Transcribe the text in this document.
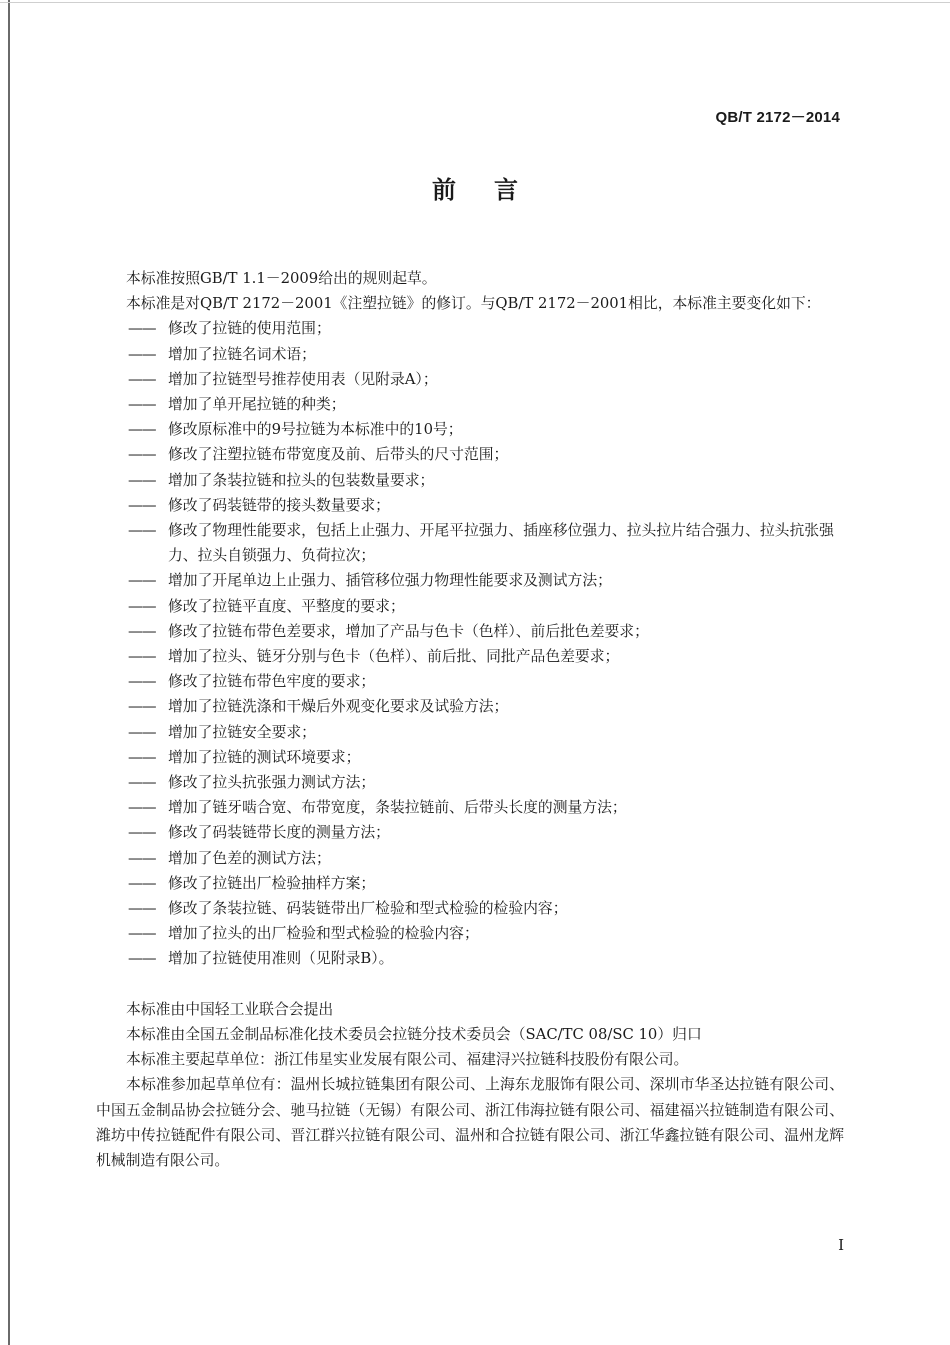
QB/T 2172－2014
前言

本标准按照GB/T 1.1－2009给出的规则起草。

本标准是对QB/T 2172－2001《注塑拉链》的修订。与QB/T 2172－2001相比，本标准主要变化如下：

—— 修改了拉链的使用范围；
—— 增加了拉链名词术语；
—— 增加了拉链型号推荐使用表（见附录A）；
—— 增加了单开尾拉链的种类；
—— 修改原标准中的9号拉链为本标准中的10号；
—— 修改了注塑拉链布带宽度及前、后带头的尺寸范围；
—— 增加了条装拉链和拉头的包装数量要求；
—— 修改了码装链带的接头数量要求；
—— 修改了物理性能要求，包括上止强力、开尾平拉强力、插座移位强力、拉头拉片结合强力、拉头抗张强力、拉头自锁强力、负荷拉次；
—— 增加了开尾单边上止强力、插管移位强力物理性能要求及测试方法；
—— 修改了拉链平直度、平整度的要求；
—— 修改了拉链布带色差要求，增加了产品与色卡（色样）、前后批色差要求；
—— 增加了拉头、链牙分别与色卡（色样）、前后批、同批产品色差要求；
—— 修改了拉链布带色牢度的要求；
—— 增加了拉链洗涤和干燥后外观变化要求及试验方法；
—— 增加了拉链安全要求；
—— 增加了拉链的测试环境要求；
—— 修改了拉头抗张强力测试方法；
—— 增加了链牙啮合宽、布带宽度，条装拉链前、后带头长度的测量方法；
—— 修改了码装链带长度的测量方法；
—— 增加了色差的测试方法；
—— 修改了拉链出厂检验抽样方案；
—— 修改了条装拉链、码装链带出厂检验和型式检验的检验内容；
—— 增加了拉头的出厂检验和型式检验的检验内容；
—— 增加了拉链使用准则（见附录B）。

本标准由中国轻工业联合会提出

本标准由全国五金制品标准化技术委员会拉链分技术委员会（SAC/TC 08/SC 10）归口

本标准主要起草单位：浙江伟星实业发展有限公司、福建浔兴拉链科技股份有限公司。

本标准参加起草单位有：温州长城拉链集团有限公司、上海东龙服饰有限公司、深圳市华圣达拉链有限公司、中国五金制品协会拉链分会、驰马拉链（无锡）有限公司、浙江伟海拉链有限公司、福建福兴拉链制造有限公司、潍坊中传拉链配件有限公司、晋江群兴拉链有限公司、温州和合拉链有限公司、浙江华鑫拉链有限公司、温州龙辉机械制造有限公司。

I
